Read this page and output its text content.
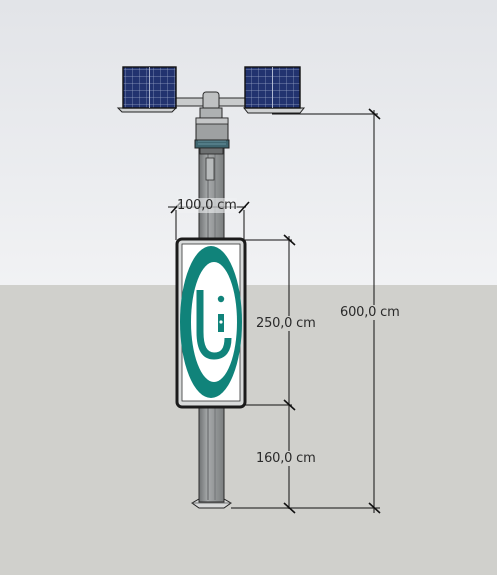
100,0 cm
250,0 cm
160,0 cm
600,0 cm
